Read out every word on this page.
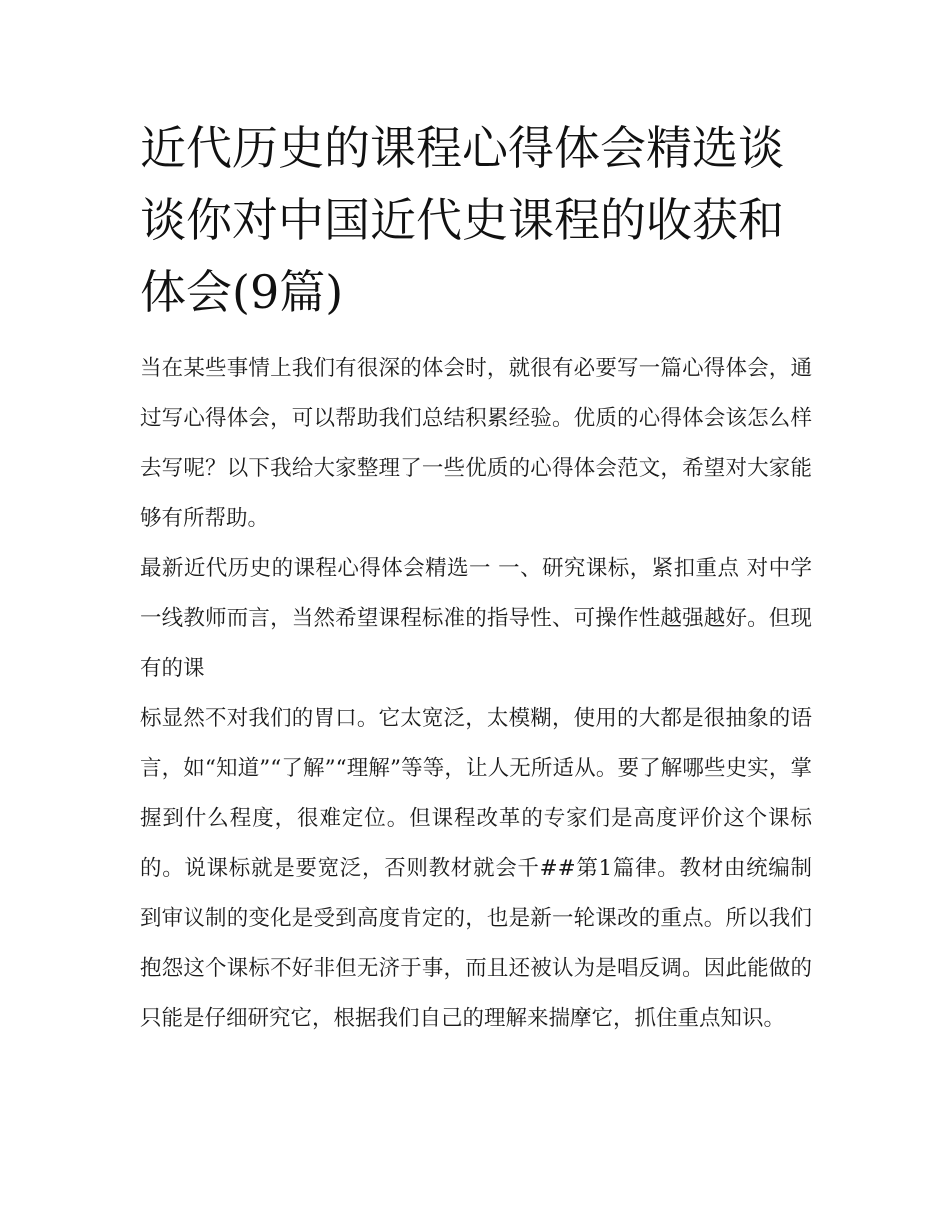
近代历史的课程心得体会精选谈谈你对中国近代史课程的收获和体会(9篇)

当在某些事情上我们有很深的体会时，就很有必要写一篇心得体会，通过写心得体会，可以帮助我们总结积累经验。优质的心得体会该怎么样去写呢？以下我给大家整理了一些优质的心得体会范文，希望对大家能够有所帮助。

最新近代历史的课程心得体会精选一 一、研究课标，紧扣重点 对中学一线教师而言，当然希望课程标准的指导性、可操作性越强越好。但现有的课

标显然不对我们的胃口。它太宽泛，太模糊，使用的大都是很抽象的语言，如“知道”“了解”“理解”等等，让人无所适从。要了解哪些史实，掌握到什么程度，很难定位。但课程改革的专家们是高度评价这个课标的。说课标就是要宽泛，否则教材就会千##第1篇律。教材由统编制到审议制的变化是受到高度肯定的，也是新一轮课改的重点。所以我们抱怨这个课标不好非但无济于事，而且还被认为是唱反调。因此能做的只能是仔细研究它，根据我们自己的理解来揣摩它，抓住重点知识。
